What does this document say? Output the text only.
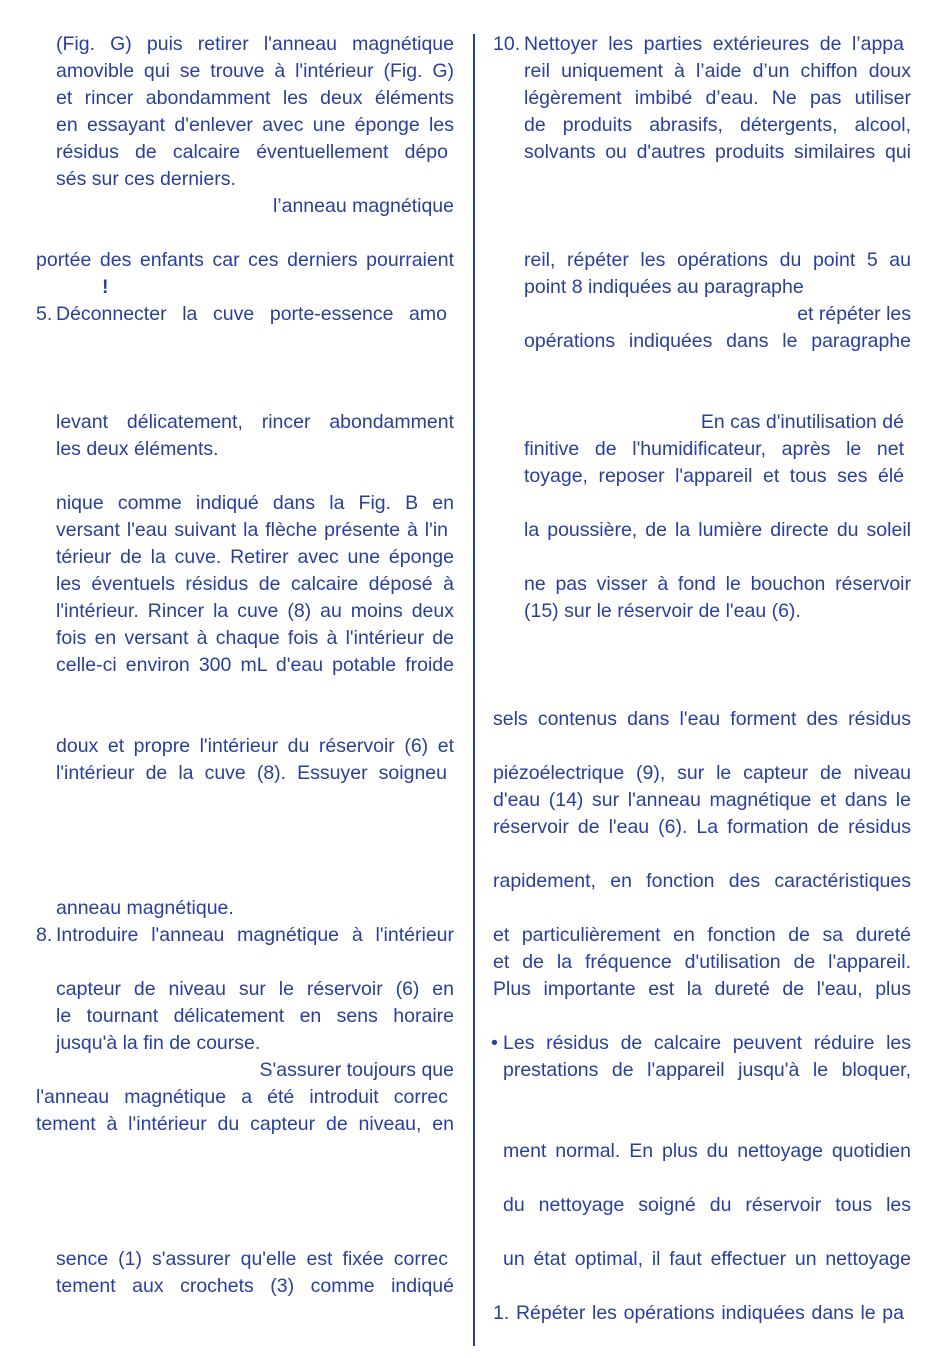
(Fig. G) puis retirer l'anneau magnétique
amovible qui se trouve à l'intérieur (Fig. G)
et rincer abondamment les deux éléments
en essayant d'enlever avec une éponge les
résidus de calcaire éventuellement dépo
sés sur ces derniers.
l’anneau magnétique
portée des enfants car ces derniers pourraient
!
5. Déconnecter la cuve porte-essence amo
levant délicatement, rincer abondamment
les deux éléments.
nique comme indiqué dans la Fig. B en
versant l'eau suivant la flèche présente à l'in
térieur de la cuve. Retirer avec une éponge
les éventuels résidus de calcaire déposé à
l'intérieur. Rincer la cuve (8) au moins deux
fois en versant à chaque fois à l'intérieur de
celle-ci environ 300 mL d'eau potable froide
doux et propre l'intérieur du réservoir (6) et
l'intérieur de la cuve (8). Essuyer soigneu
anneau magnétique.
8. Introduire l'anneau magnétique à l'intérieur
capteur de niveau sur le réservoir (6) en
le tournant délicatement en sens horaire
jusqu'à la fin de course.
S'assurer toujours que
l'anneau magnétique a été introduit correc
tement à l'intérieur du capteur de niveau, en
sence (1) s'assurer qu'elle est fixée correc
tement aux crochets (3) comme indiqué
10. Nettoyer les parties extérieures de l’appa
reil uniquement à l’aide d’un chiffon doux
légèrement imbibé d’eau. Ne pas utiliser
de produits abrasifs, détergents, alcool,
solvants ou d'autres produits similaires qui
reil, répéter les opérations du point 5 au
point 8 indiquées au paragraphe
et répéter les
opérations indiquées dans le paragraphe
En cas d'inutilisation dé
finitive de l'humidificateur, après le net
toyage, reposer l'appareil et tous ses élé
la poussière, de la lumière directe du soleil
ne pas visser à fond le bouchon réservoir
(15) sur le réservoir de l'eau (6).
sels contenus dans l'eau forment des résidus
piézoélectrique (9), sur le capteur de niveau
d'eau (14) sur l'anneau magnétique et dans le
réservoir de l'eau (6). La formation de résidus
rapidement, en fonction des caractéristiques
et particulièrement en fonction de sa dureté
et de la fréquence d'utilisation de l'appareil.
Plus importante est la dureté de l'eau, plus
• Les résidus de calcaire peuvent réduire les
prestations de l'appareil jusqu'à le bloquer,
ment normal. En plus du nettoyage quotidien
du nettoyage soigné du réservoir tous les
un état optimal, il faut effectuer un nettoyage
1. Répéter les opérations indiquées dans le pa
